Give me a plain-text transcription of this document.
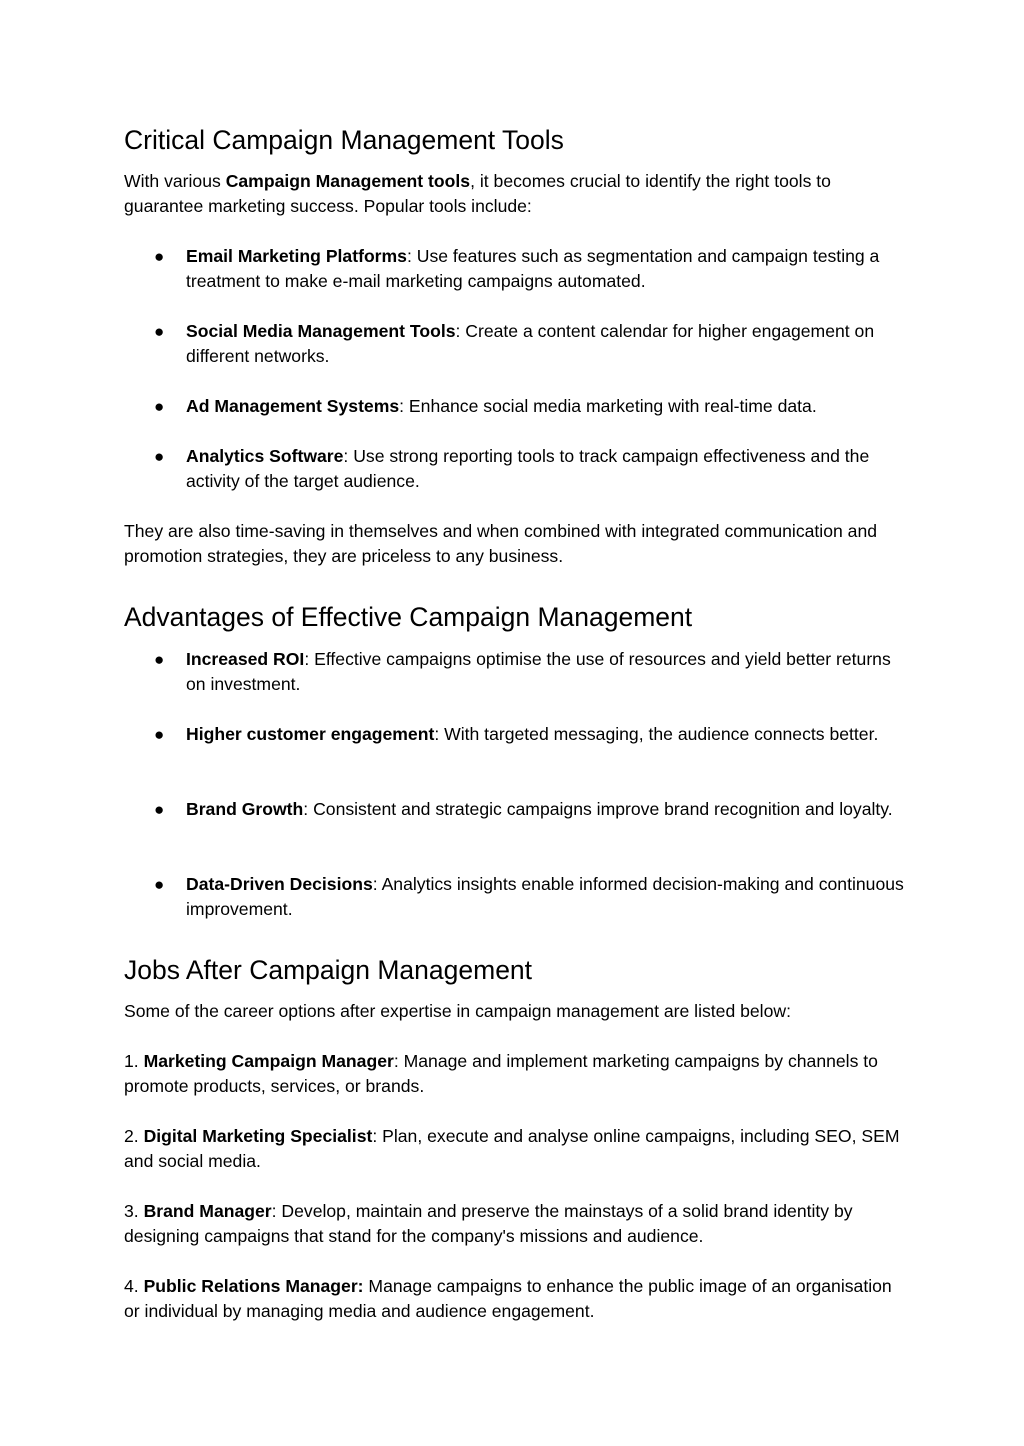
Critical Campaign Management Tools

With various Campaign Management tools, it becomes crucial to identify the right tools to guarantee marketing success. Popular tools include:

● Email Marketing Platforms: Use features such as segmentation and campaign testing a treatment to make e-mail marketing campaigns automated.
● Social Media Management Tools: Create a content calendar for higher engagement on different networks.
● Ad Management Systems: Enhance social media marketing with real-time data.
● Analytics Software: Use strong reporting tools to track campaign effectiveness and the activity of the target audience.

They are also time-saving in themselves and when combined with integrated communication and promotion strategies, they are priceless to any business.

Advantages of Effective Campaign Management
● Increased ROI: Effective campaigns optimise the use of resources and yield better returns on investment.
● Higher customer engagement: With targeted messaging, the audience connects better.
● Brand Growth: Consistent and strategic campaigns improve brand recognition and loyalty.
● Data-Driven Decisions: Analytics insights enable informed decision-making and continuous improvement.
Jobs After Campaign Management

Some of the career options after expertise in campaign management are listed below:

1. Marketing Campaign Manager: Manage and implement marketing campaigns by channels to promote products, services, or brands.

2. Digital Marketing Specialist: Plan, execute and analyse online campaigns, including SEO, SEM and social media.

3. Brand Manager: Develop, maintain and preserve the mainstays of a solid brand identity by designing campaigns that stand for the company's missions and audience.

4. Public Relations Manager: Manage campaigns to enhance the public image of an organisation or individual by managing media and audience engagement.
